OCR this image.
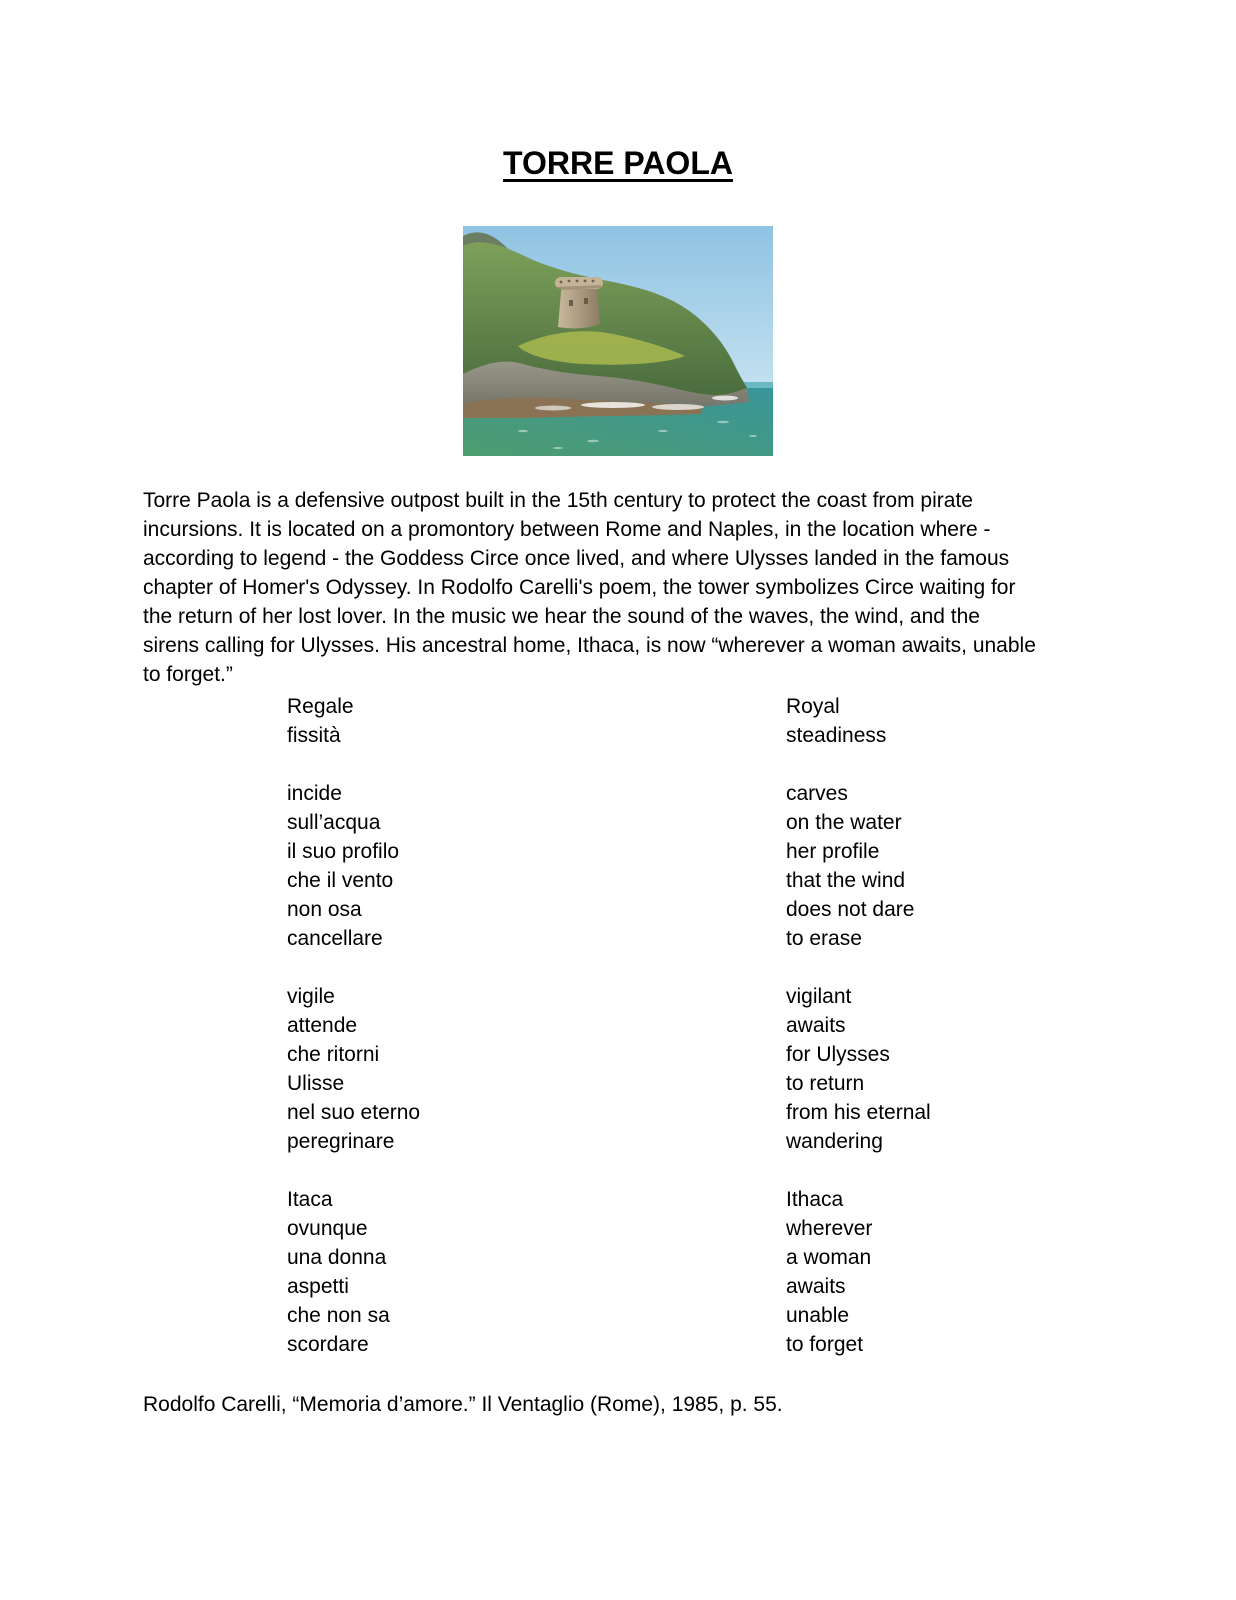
TORRE PAOLA
Torre Paola is a defensive outpost built in the 15th century to protect the coast from pirate
incursions. It is located on a promontory between Rome and Naples, in the location where -
according to legend - the Goddess Circe once lived, and where Ulysses landed in the famous
chapter of Homer's Odyssey. In Rodolfo Carelli's poem, the tower symbolizes Circe waiting for
the return of her lost lover. In the music we hear the sound of the waves, the wind, and the
sirens calling for Ulysses. His ancestral home, Ithaca, is now “wherever a woman awaits, unable
to forget.”
Regale
fissità
incide
sull’acqua
il suo profilo
che il vento
non osa
cancellare
vigile
attende
che ritorni
Ulisse
nel suo eterno
peregrinare
Itaca
ovunque
una donna
aspetti
che non sa
scordare
Royal
steadiness
carves
on the water
her profile
that the wind
does not dare
to erase
vigilant
awaits
for Ulysses
to return
from his eternal
wandering
Ithaca
wherever
a woman
awaits
unable
to forget
Rodolfo Carelli, “Memoria d’amore.” Il Ventaglio (Rome), 1985, p. 55.
